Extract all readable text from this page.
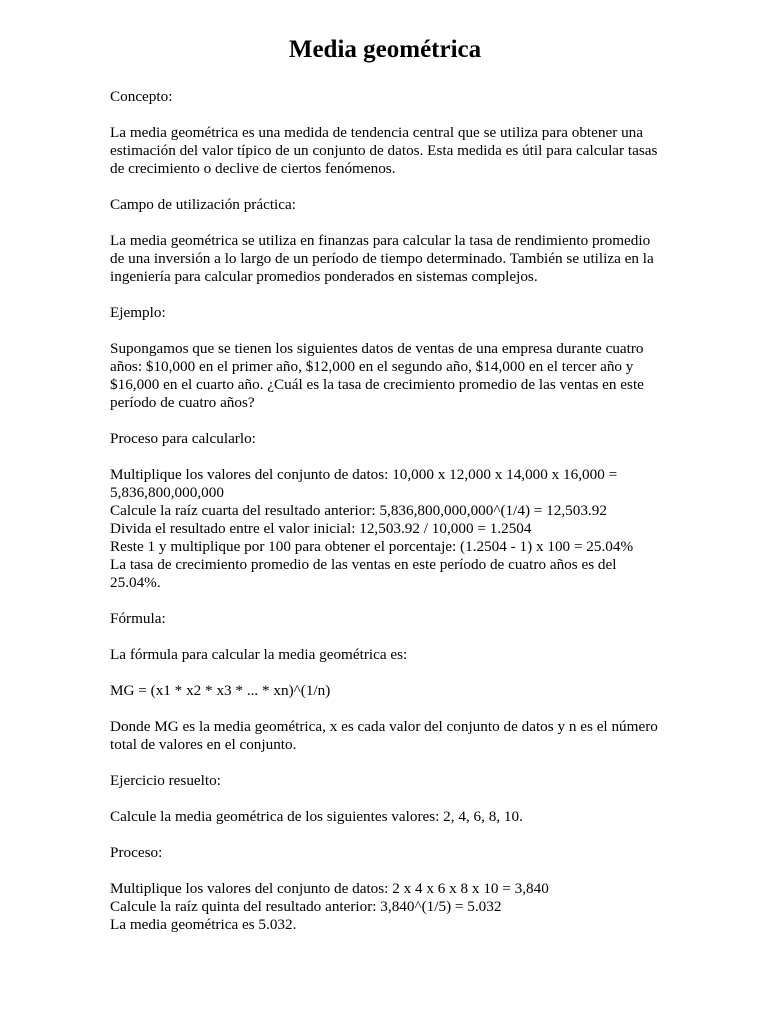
Media geométrica
Concepto:
La media geométrica es una medida de tendencia central que se utiliza para obtener una estimación del valor típico de un conjunto de datos. Esta medida es útil para calcular tasas de crecimiento o declive de ciertos fenómenos.
Campo de utilización práctica:
La media geométrica se utiliza en finanzas para calcular la tasa de rendimiento promedio de una inversión a lo largo de un período de tiempo determinado. También se utiliza en la ingeniería para calcular promedios ponderados en sistemas complejos.
Ejemplo:
Supongamos que se tienen los siguientes datos de ventas de una empresa durante cuatro años: $10,000 en el primer año, $12,000 en el segundo año, $14,000 en el tercer año y $16,000 en el cuarto año. ¿Cuál es la tasa de crecimiento promedio de las ventas en este período de cuatro años?
Proceso para calcularlo:
Multiplique los valores del conjunto de datos: 10,000 x 12,000 x 14,000 x 16,000 = 5,836,800,000,000
Calcule la raíz cuarta del resultado anterior: 5,836,800,000,000^(1/4) = 12,503.92
Divida el resultado entre el valor inicial: 12,503.92 / 10,000 = 1.2504
Reste 1 y multiplique por 100 para obtener el porcentaje: (1.2504 - 1) x 100 = 25.04%
La tasa de crecimiento promedio de las ventas en este período de cuatro años es del 25.04%.
Fórmula:
La fórmula para calcular la media geométrica es:
MG = (x1 * x2 * x3 * ... * xn)^(1/n)
Donde MG es la media geométrica, x es cada valor del conjunto de datos y n es el número total de valores en el conjunto.
Ejercicio resuelto:
Calcule la media geométrica de los siguientes valores: 2, 4, 6, 8, 10.
Proceso:
Multiplique los valores del conjunto de datos: 2 x 4 x 6 x 8 x 10 = 3,840
Calcule la raíz quinta del resultado anterior: 3,840^(1/5) = 5.032
La media geométrica es 5.032.
